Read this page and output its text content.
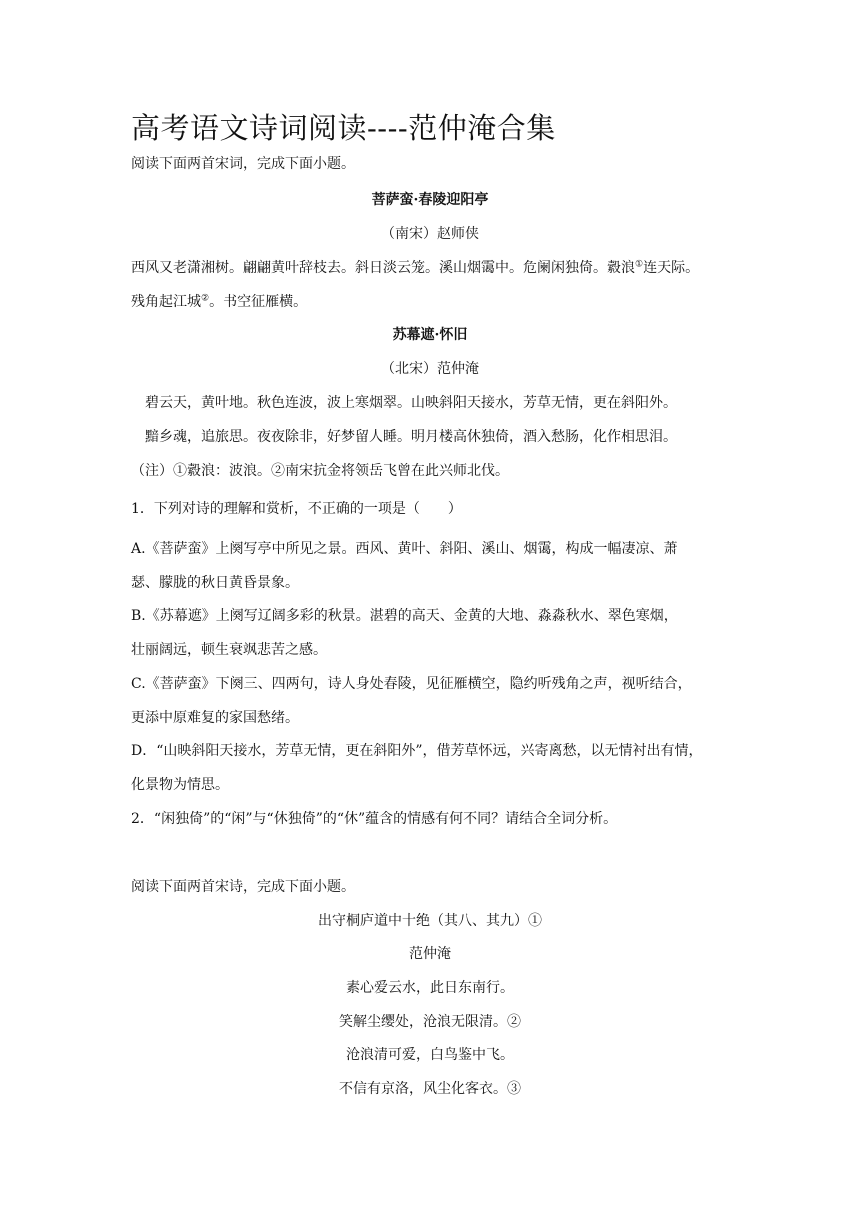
高考语文诗词阅读----范仲淹合集
阅读下面两首宋词，完成下面小题。
菩萨蛮·春陵迎阳亭
（南宋）赵师侠
西风又老潇湘树。翩翩黄叶辞枝去。斜日淡云笼。溪山烟霭中。危阑闲独倚。縠浪①连天际。
残角起江城②。书空征雁横。
苏幕遮·怀旧
（北宋）范仲淹
碧云天，黄叶地。秋色连波，波上寒烟翠。山映斜阳天接水，芳草无情，更在斜阳外。
黯乡魂，追旅思。夜夜除非，好梦留人睡。明月楼高休独倚，酒入愁肠，化作相思泪。
（注）①縠浪：波浪。②南宋抗金将领岳飞曾在此兴师北伐。
1．下列对诗的理解和赏析，不正确的一项是（　　）
A.《菩萨蛮》上阕写亭中所见之景。西风、黄叶、斜阳、溪山、烟霭，构成一幅凄凉、萧
瑟、朦胧的秋日黄昏景象。
B.《苏幕遮》上阕写辽阔多彩的秋景。湛碧的高天、金黄的大地、淼淼秋水、翠色寒烟，
壮丽阔远，顿生衰飒悲苦之感。
C.《菩萨蛮》下阕三、四两句，诗人身处春陵，见征雁横空，隐约听残角之声，视听结合，
更添中原难复的家国愁绪。
D．“山映斜阳天接水，芳草无情，更在斜阳外”，借芳草怀远，兴寄离愁，以无情衬出有情，
化景物为情思。
2．“闲独倚”的“闲”与“休独倚”的“休”蕴含的情感有何不同？请结合全词分析。
阅读下面两首宋诗，完成下面小题。
出守桐庐道中十绝（其八、其九）①
范仲淹
素心爱云水，此日东南行。
笑解尘缨处，沧浪无限清。②
沧浪清可爱，白鸟鉴中飞。
不信有京洛，风尘化客衣。③
